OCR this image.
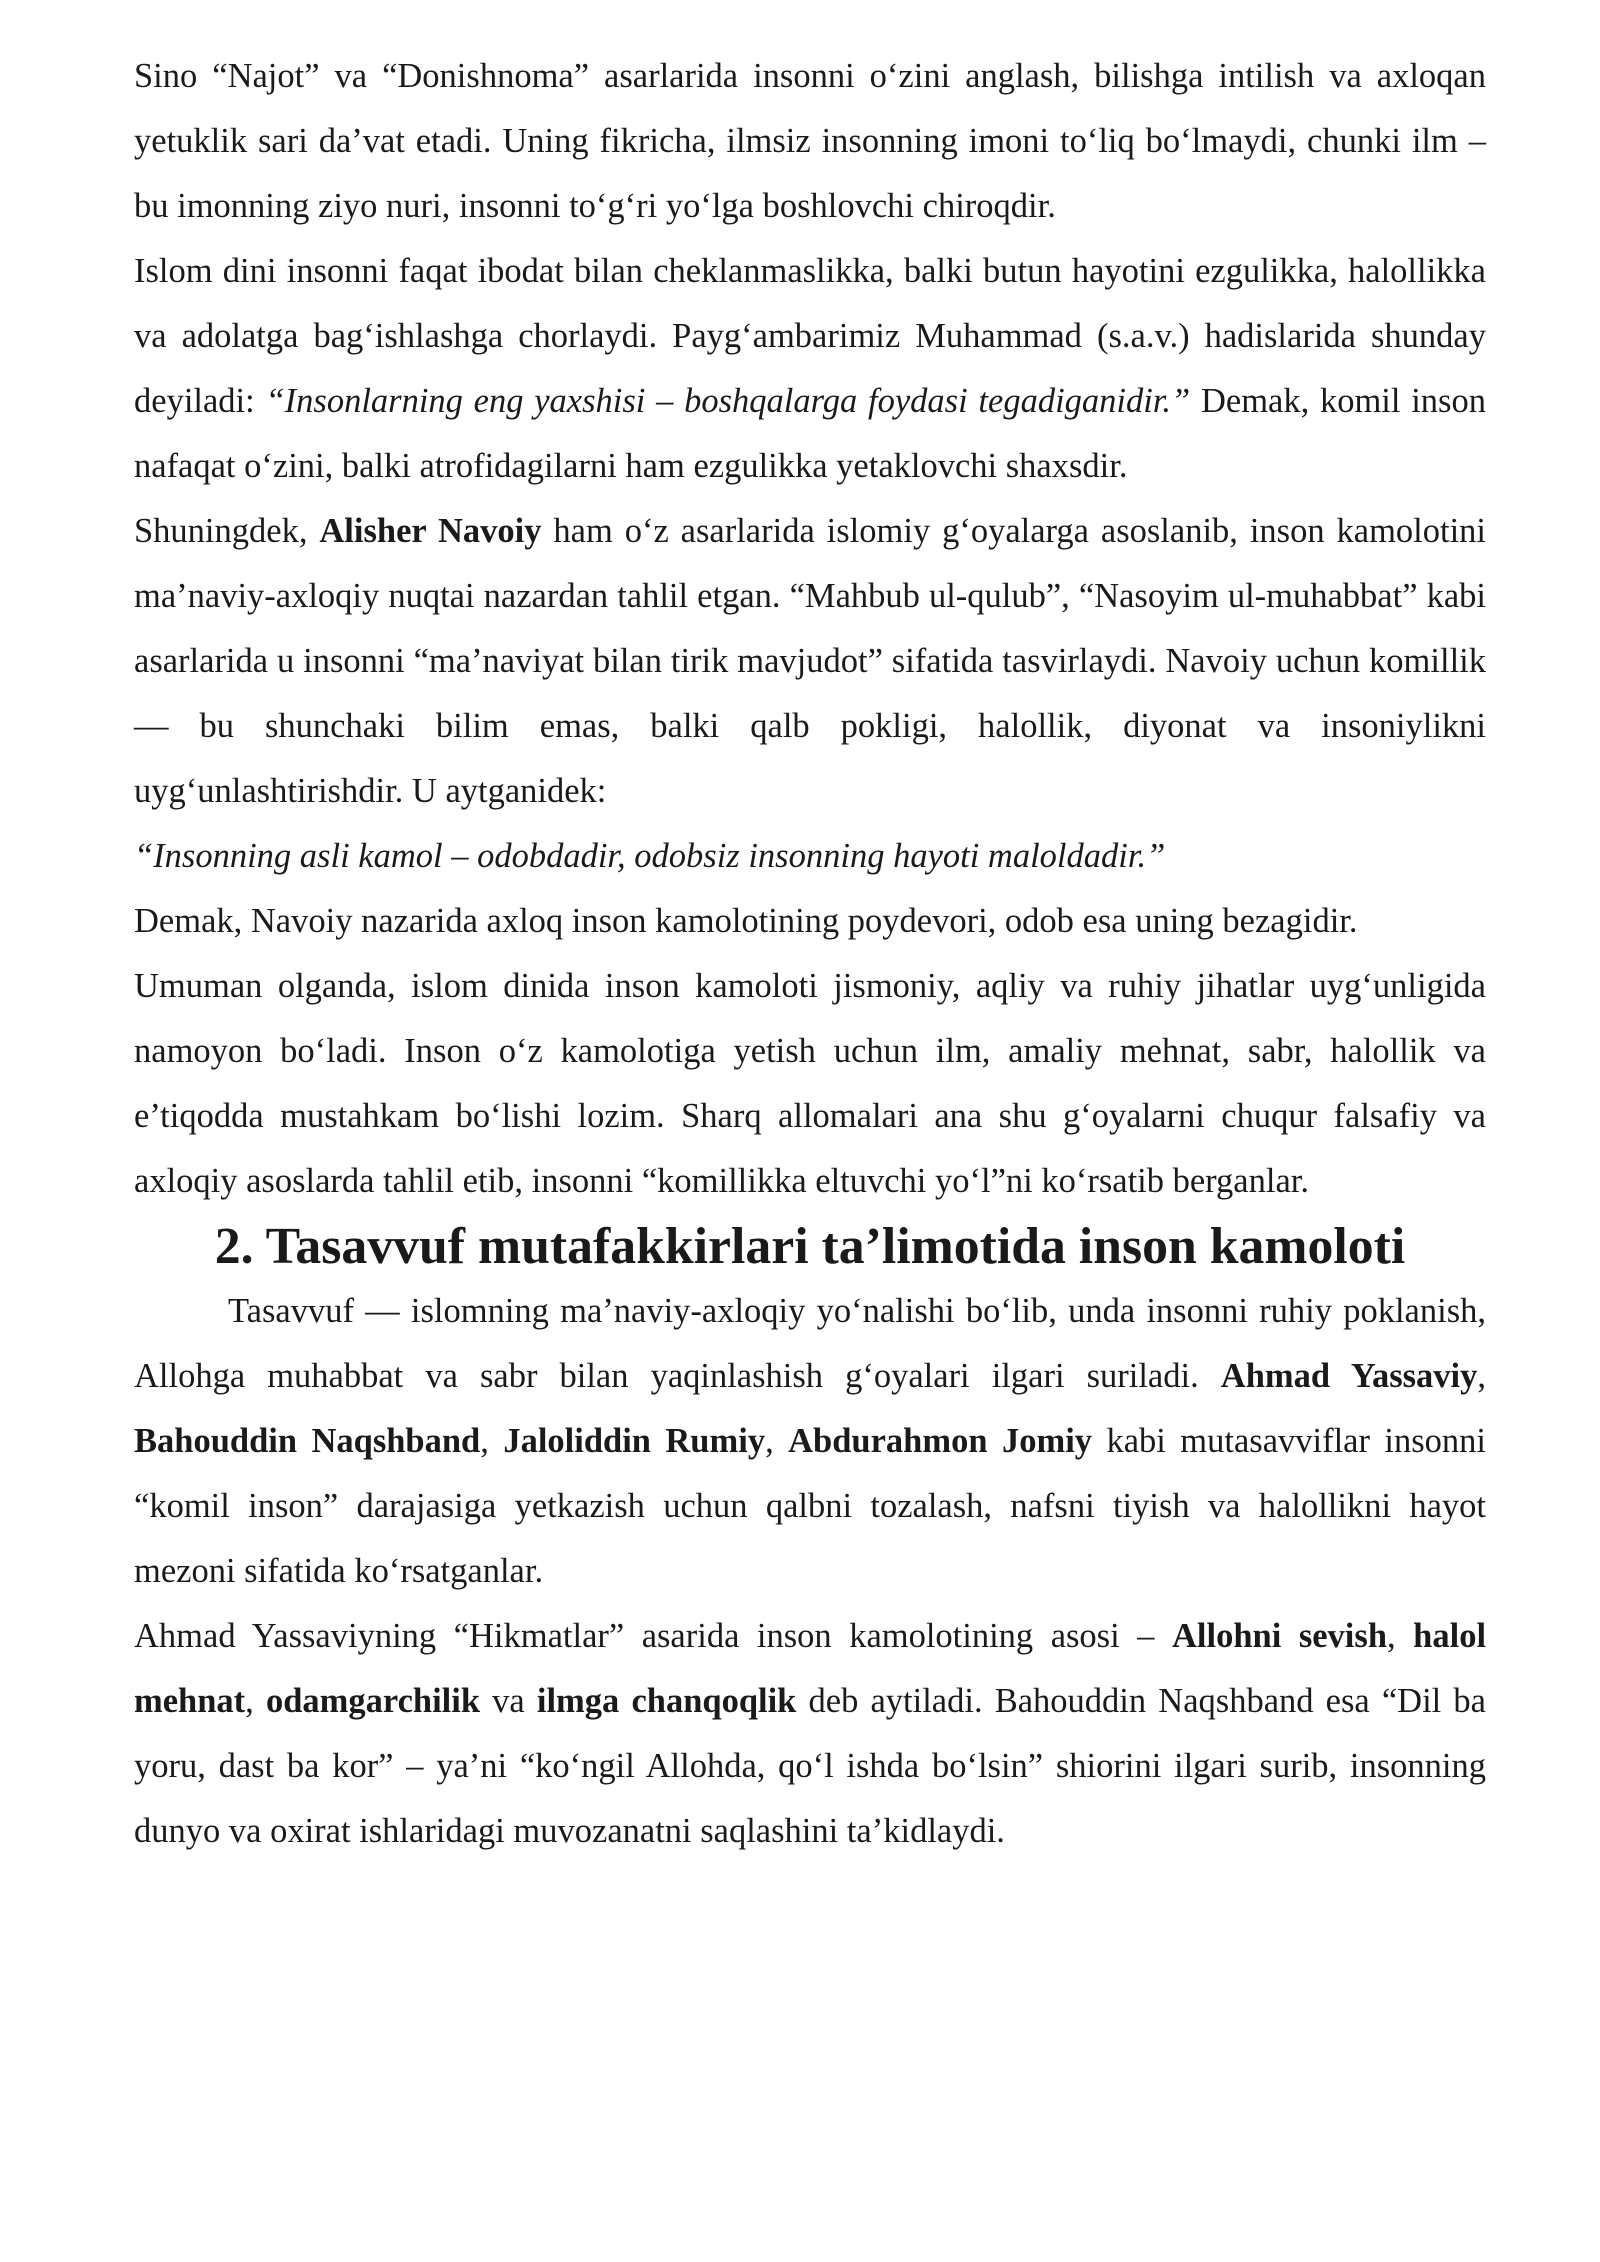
Sino “Najot” va “Donishnoma” asarlarida insonni o‘zini anglash, bilishga intilish va axloqan yetuklik sari da’vat etadi. Uning fikricha, ilmsiz insonning imoni to‘liq bo‘lmaydi, chunki ilm – bu imonning ziyo nuri, insonni to‘g‘ri yo‘lga boshlovchi chiroqdir.

Islom dini insonni faqat ibodat bilan cheklanmaslikka, balki butun hayotini ezgulikka, halollikka va adolatga bag‘ishlashga chorlaydi. Payg‘ambarimiz Muhammad (s.a.v.) hadislarida shunday deyiladi: “Insonlarning eng yaxshisi – boshqalarga foydasi tegadiganidir.” Demak, komil inson nafaqat o‘zini, balki atrofidagilarni ham ezgulikka yetaklovchi shaxsdir.

Shuningdek, Alisher Navoiy ham o‘z asarlarida islomiy g‘oyalarga asoslanib, inson kamolotini ma’naviy-axloqiy nuqtai nazardan tahlil etgan. “Mahbub ul-qulub”, “Nasoyim ul-muhabbat” kabi asarlarida u insonni “ma’naviyat bilan tirik mavjudot” sifatida tasvirlaydi. Navoiy uchun komillik — bu shunchaki bilim emas, balki qalb pokligi, halollik, diyonat va insoniylikni uyg‘unlashtirishdir. U aytganidek:
“Insonning asli kamol – odobdadir, odobsiz insonning hayoti maloldadir.”

Demak, Navoiy nazarida axloq inson kamolotining poydevori, odob esa uning bezagidir.

Umuman olganda, islom dinida inson kamoloti jismoniy, aqliy va ruhiy jihatlar uyg‘unligida namoyon bo‘ladi. Inson o‘z kamolotiga yetish uchun ilm, amaliy mehnat, sabr, halollik va e’tiqodda mustahkam bo‘lishi lozim. Sharq allomalari ana shu g‘oyalarni chuqur falsafiy va axloqiy asoslarda tahlil etib, insonni “komillikka eltuvchi yo‘l”ni ko‘rsatib berganlar.

2. Tasavvuf mutafakkirlari ta’limotida inson kamoloti

Tasavvuf — islomning ma’naviy-axloqiy yo‘nalishi bo‘lib, unda insonni ruhiy poklanish, Allohga muhabbat va sabr bilan yaqinlashish g‘oyalari ilgari suriladi. Ahmad Yassaviy, Bahouddin Naqshband, Jaloliddin Rumiy, Abdurahmon Jomiy kabi mutasavviflar insonni “komil inson” darajasiga yetkazish uchun qalbni tozalash, nafsni tiyish va halollikni hayot mezoni sifatida ko‘rsatganlar.

Ahmad Yassaviyning “Hikmatlar” asarida inson kamolotining asosi – Allohni sevish, halol mehnat, odamgarchilik va ilmga chanqoqlik deb aytiladi. Bahouddin Naqshband esa “Dil ba yoru, dast ba kor” – ya’ni “ko‘ngil Allohda, qo‘l ishda bo‘lsin” shiorini ilgari surib, insonning dunyo va oxirat ishlaridagi muvozanatni saqlashini ta’kidlaydi.
